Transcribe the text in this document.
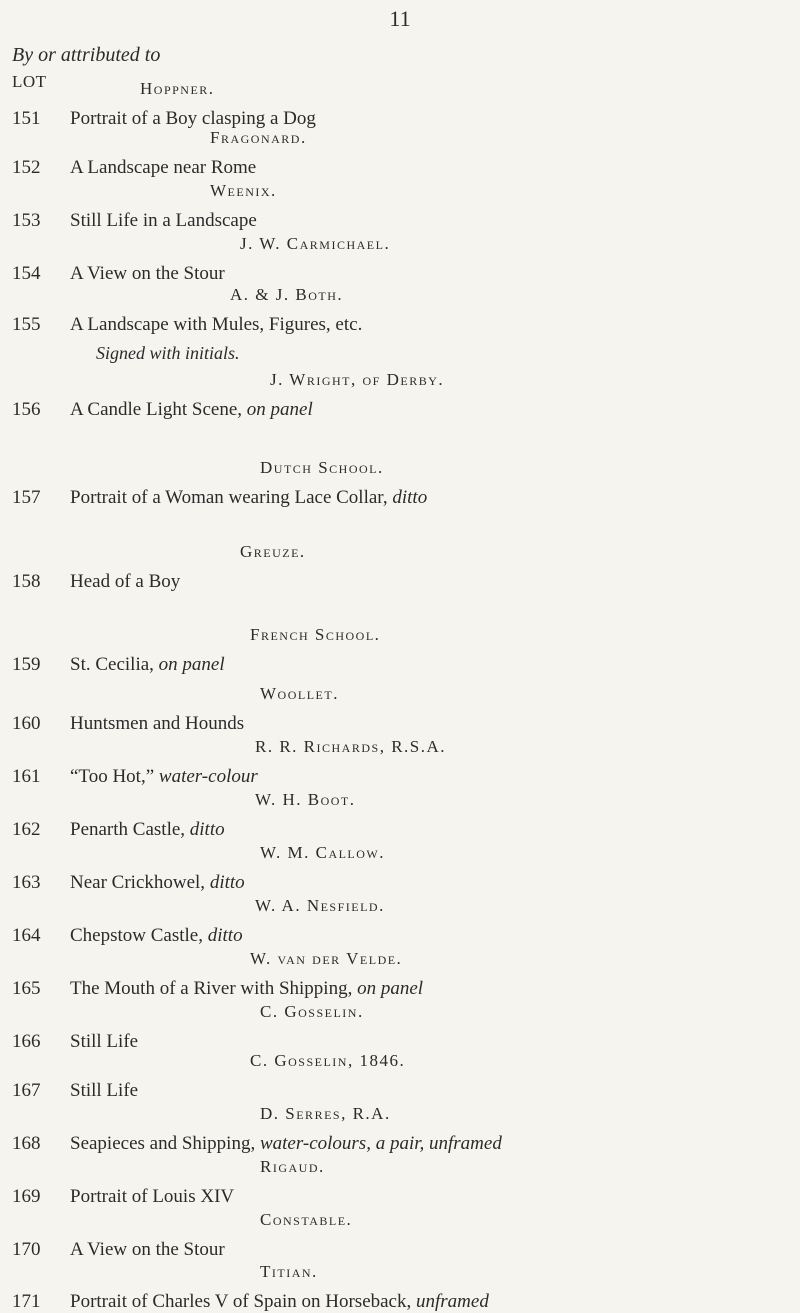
11
By or attributed to
LOT	Hoppner.
151 Portrait of a Boy clasping a Dog
Fragonard.
152 A Landscape near Rome
Weenix.
153 Still Life in a Landscape
J. W. Carmichael.
154 A View on the Stour
A. & J. Both.
155 A Landscape with Mules, Figures, etc.
Signed with initials.
J. Wright, of Derby.
156 A Candle Light Scene, on panel
Dutch School.
157 Portrait of a Woman wearing Lace Collar, ditto
Greuze.
158 Head of a Boy
French School.
159 St. Cecilia, on panel
Woollet.
160 Huntsmen and Hounds
R. R. Richards, R.S.A.
161 “Too Hot,” water-colour
W. H. Boot.
162 Penarth Castle, ditto
W. M. Callow.
163 Near Crickhowel, ditto
W. A. Nesfield.
164 Chepstow Castle, ditto
W. van der Velde.
165 The Mouth of a River with Shipping, on panel
C. Gosselin.
166 Still Life
C. Gosselin, 1846.
167 Still Life
D. Serres, R.A.
168 Seapieces and Shipping, water-colours, a pair, unframed
Rigaud.
169 Portrait of Louis XIV
Constable.
170 A View on the Stour
Titian.
171 Portrait of Charles V of Spain on Horseback, unframed
